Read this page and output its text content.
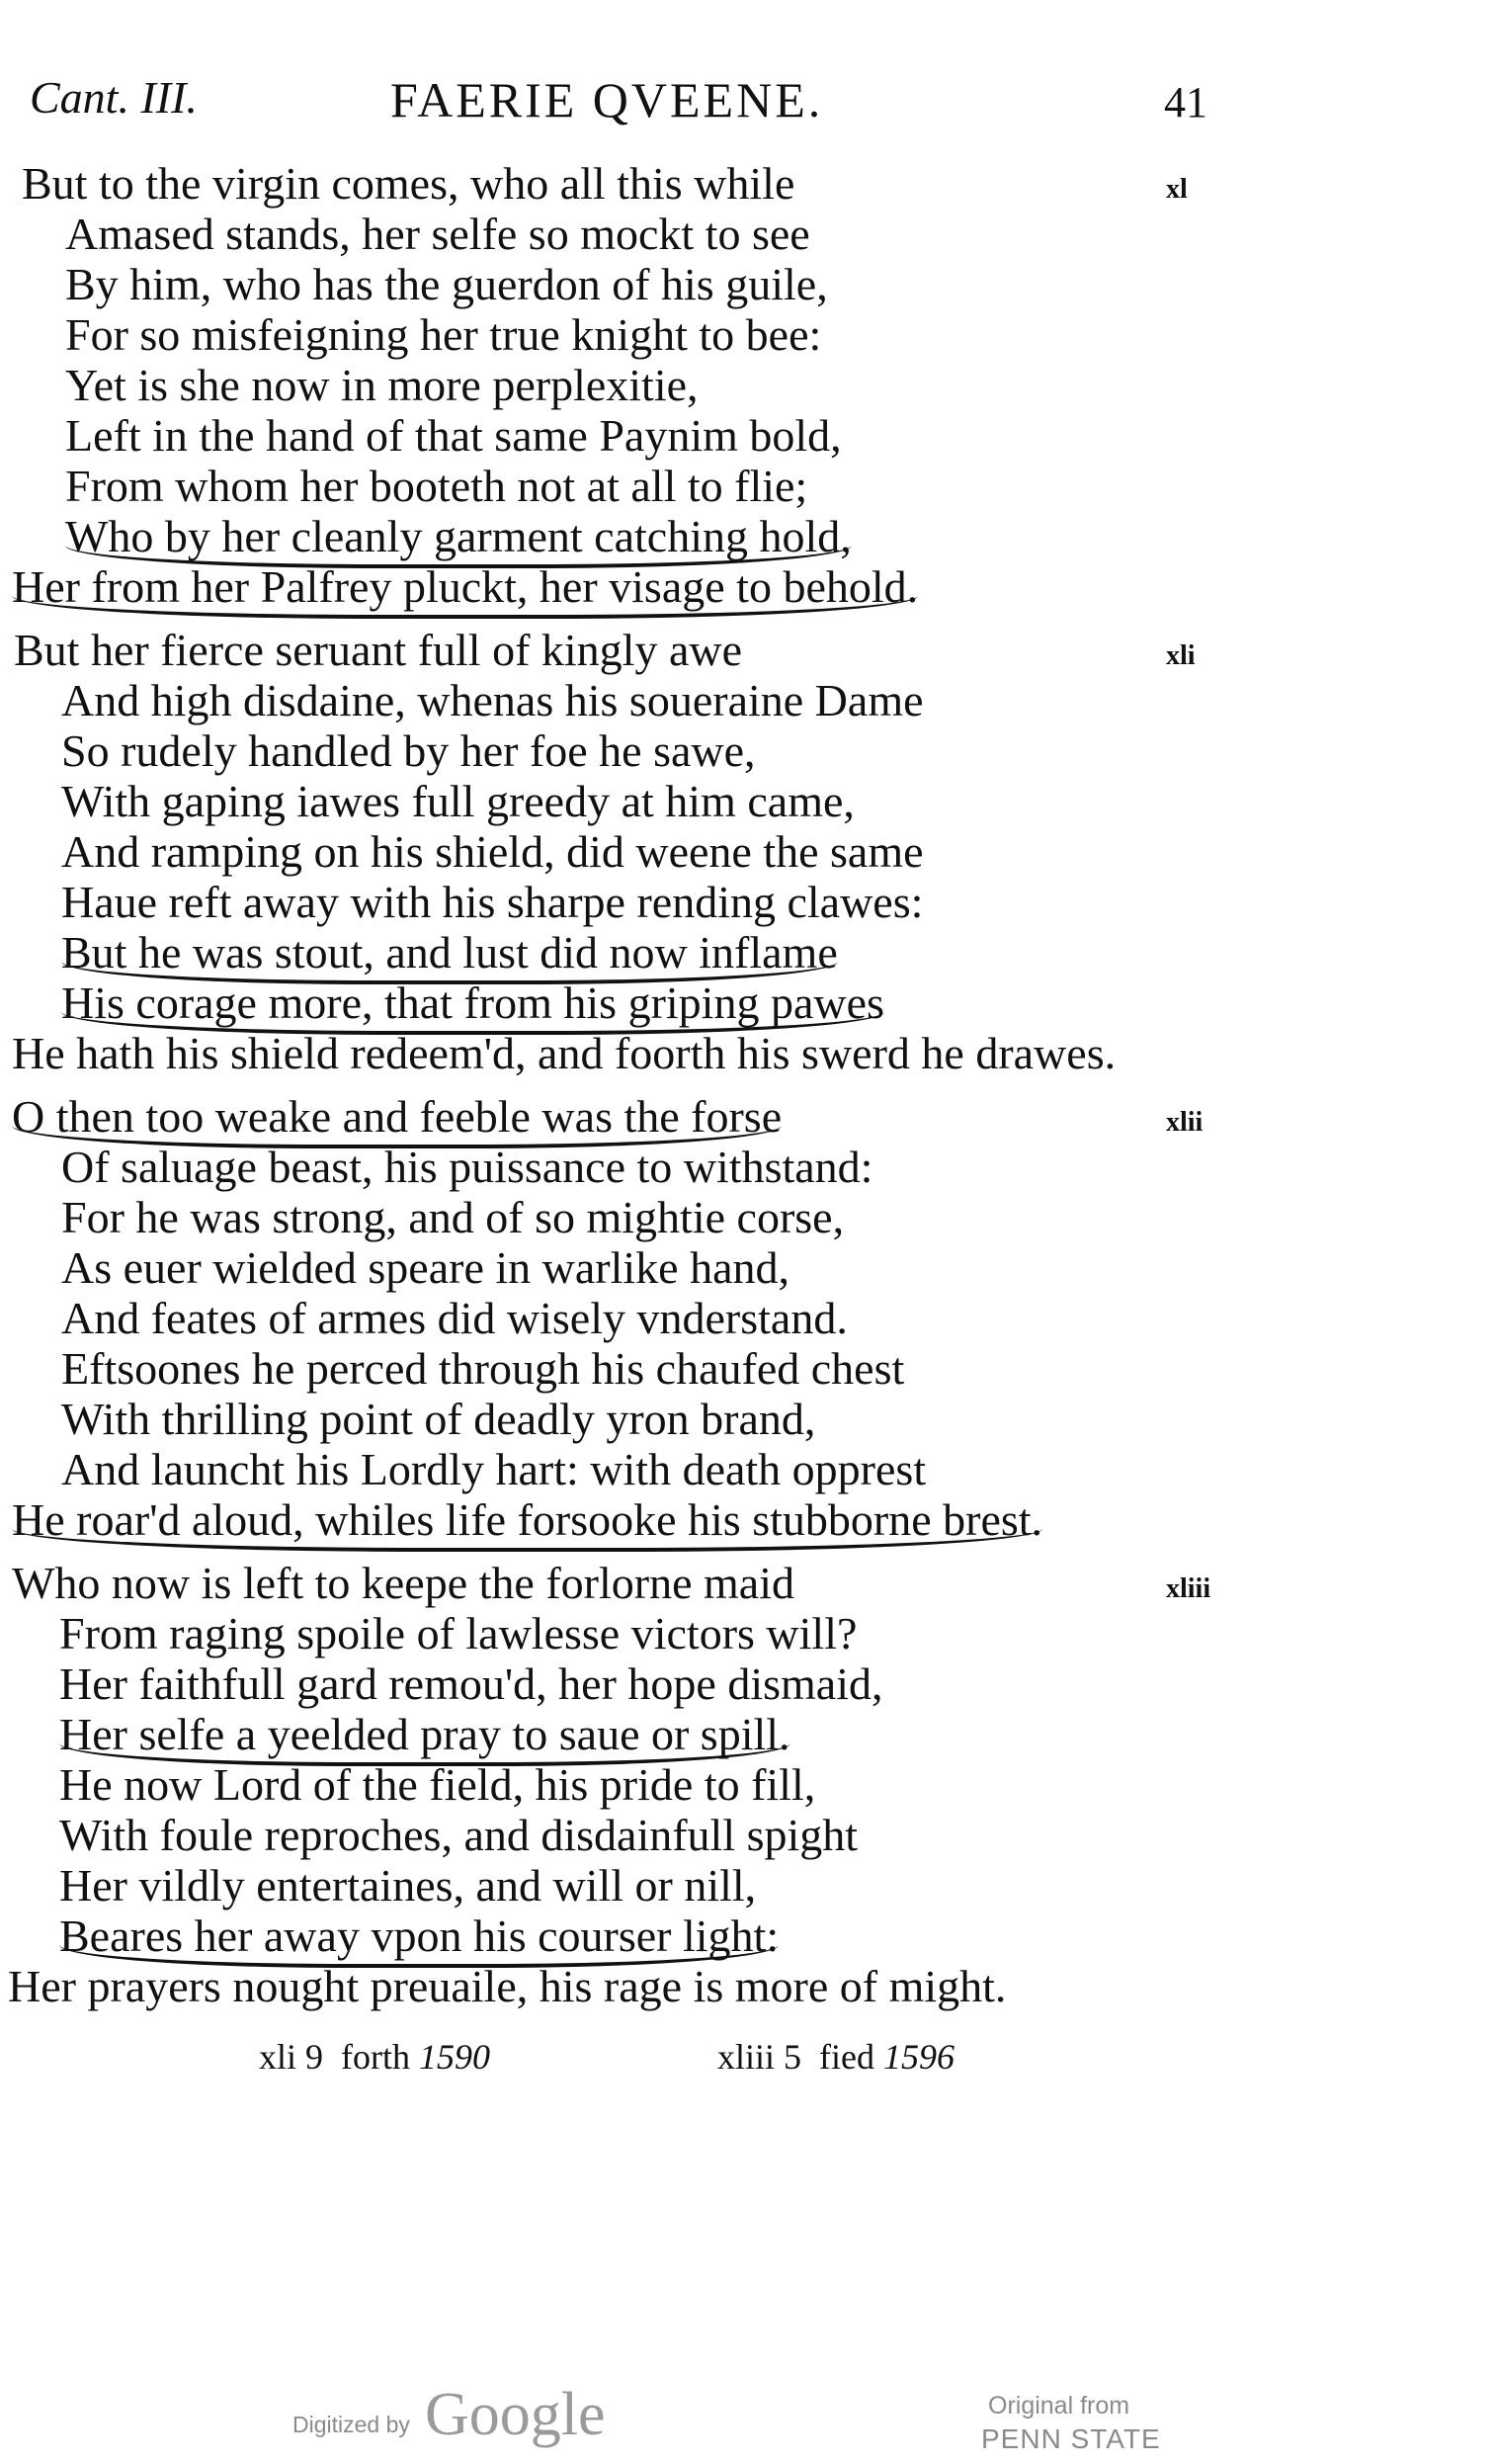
Cant. III.	FAERIE QVEENE.	41
xl
But to the virgin comes, who all this while
Amased stands, her selfe so mockt to see
By him, who has the guerdon of his guile,
For so misfeigning her true knight to bee:
Yet is she now in more perplexitie,
Left in the hand of that same Paynim bold,
From whom her booteth not at all to flie;
Who by her cleanly garment catching hold,
Her from her Palfrey pluckt, her visage to behold.
xli
But her fierce seruant full of kingly awe
And high disdaine, whenas his soueraine Dame
So rudely handled by her foe he sawe,
With gaping iawes full greedy at him came,
And ramping on his shield, did weene the same
Haue reft away with his sharpe rending clawes:
But he was stout, and lust did now inflame
His corage more, that from his griping pawes
He hath his shield redeem'd, and foorth his swerd he drawes.
xlii
O then too weake and feeble was the forse
Of saluage beast, his puissance to withstand:
For he was strong, and of so mightie corse,
As euer wielded speare in warlike hand,
And feates of armes did wisely vnderstand.
Eftsoones he perced through his chaufed chest
With thrilling point of deadly yron brand,
And launcht his Lordly hart: with death opprest
He roar'd aloud, whiles life forsooke his stubborne brest.
xliii
Who now is left to keepe the forlorne maid
From raging spoile of lawlesse victors will?
Her faithfull gard remou'd, her hope dismaid,
Her selfe a yeelded pray to saue or spill.
He now Lord of the field, his pride to fill,
With foule reproches, and disdainfull spight
Her vildly entertaines, and will or nill,
Beares her away vpon his courser light:
Her prayers nought preuaile, his rage is more of might.
xli 9 forth 1590	xliii 5 fied 1596
Digitized by Google	Original from
PENN STATE
